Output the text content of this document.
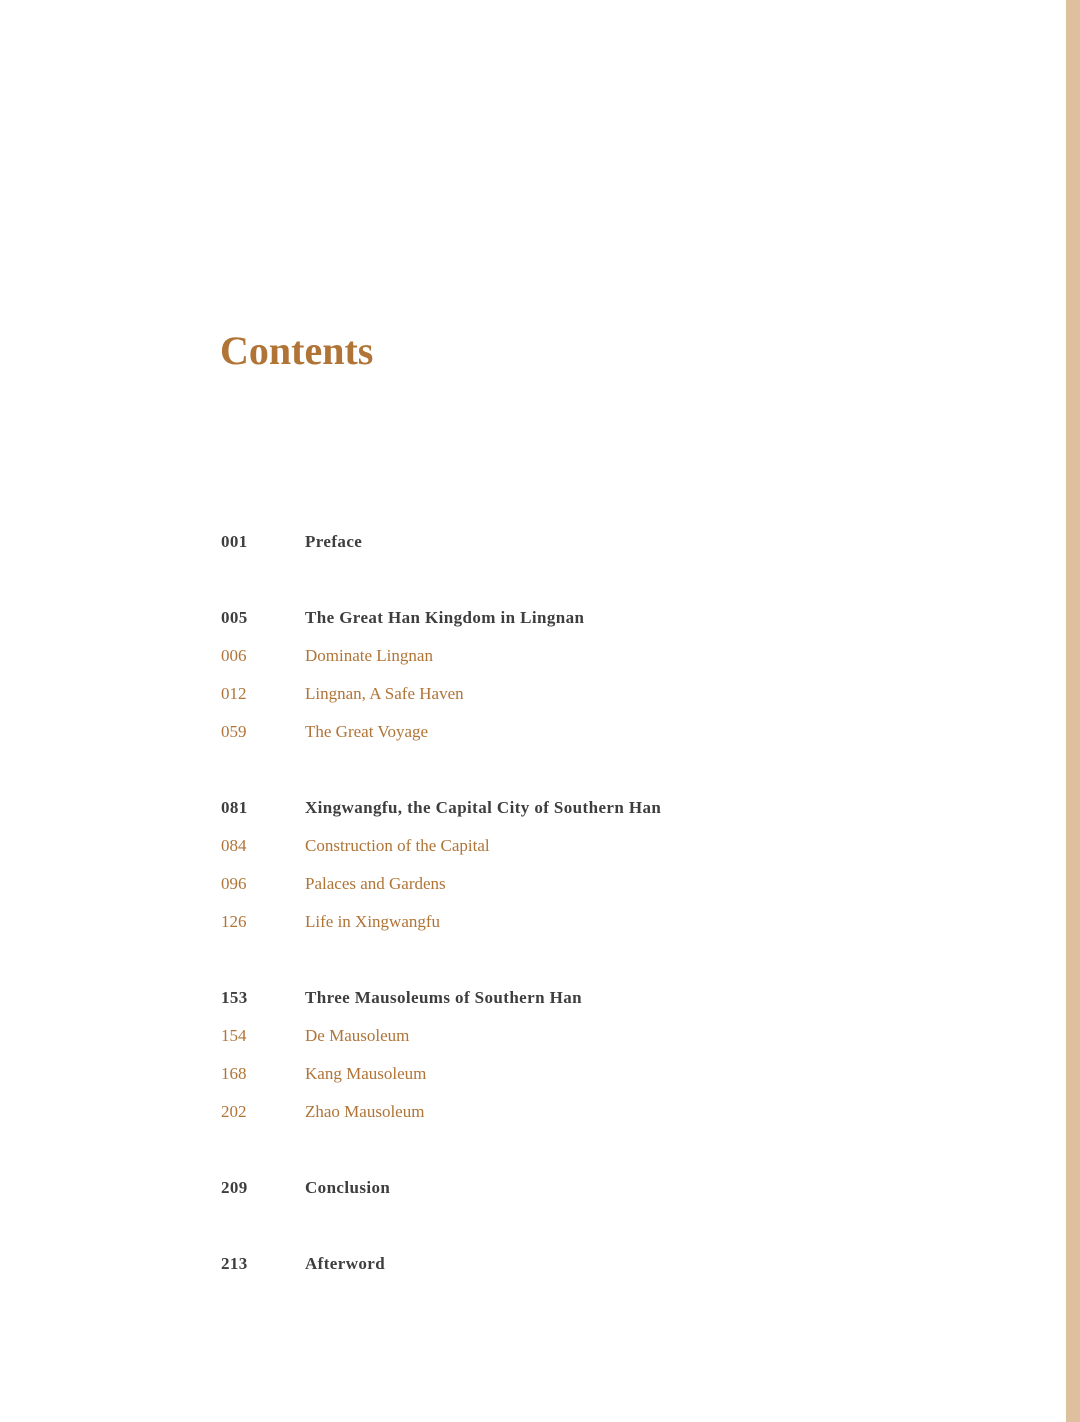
Contents
001	Preface
005	The Great Han Kingdom in Lingnan
006	Dominate Lingnan
012	Lingnan, A Safe Haven
059	The Great Voyage
081	Xingwangfu, the Capital City of Southern Han
084	Construction of the Capital
096	Palaces and Gardens
126	Life in Xingwangfu
153	Three Mausoleums of Southern Han
154	De Mausoleum
168	Kang Mausoleum
202	Zhao Mausoleum
209	Conclusion
213	Afterword
